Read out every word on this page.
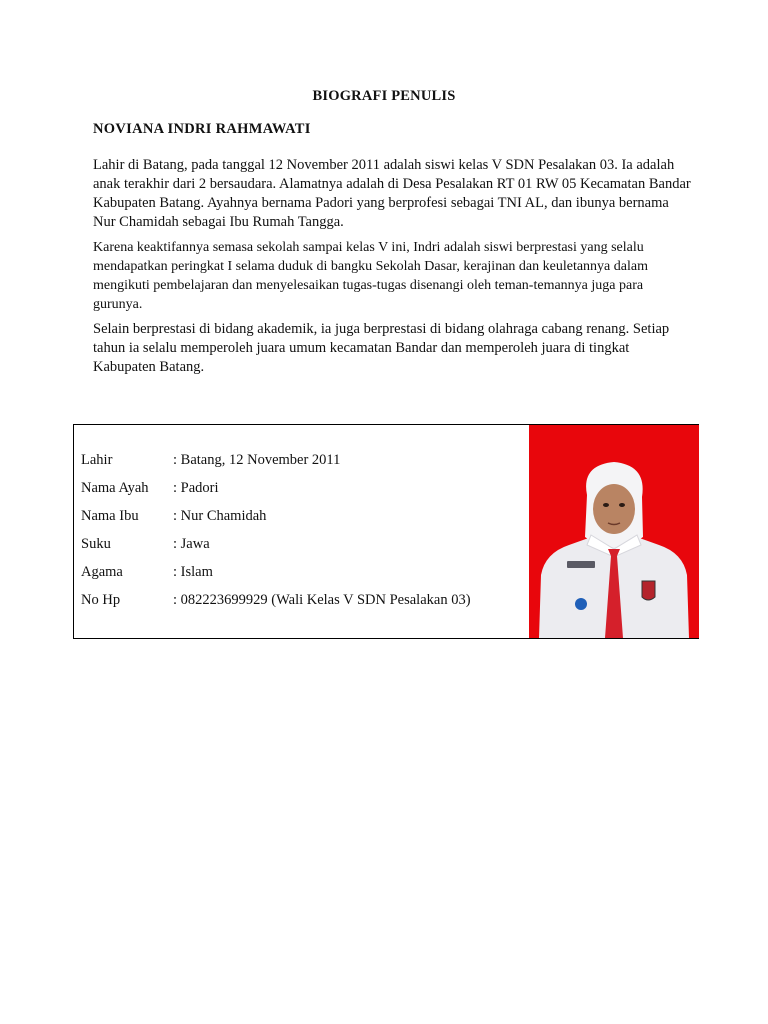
BIOGRAFI PENULIS
NOVIANA INDRI RAHMAWATI

Lahir di Batang, pada tanggal 12 November 2011 adalah siswi kelas V SDN Pesalakan 03. Ia adalah anak terakhir dari 2 bersaudara. Alamatnya adalah di Desa Pesalakan RT 01 RW 05 Kecamatan Bandar Kabupaten Batang. Ayahnya bernama Padori yang berprofesi sebagai TNI AL, dan ibunya bernama Nur Chamidah sebagai Ibu Rumah Tangga.

Karena keaktifannya semasa sekolah sampai kelas V ini, Indri adalah siswi berprestasi yang selalu mendapatkan peringkat I selama duduk di bangku Sekolah Dasar, kerajinan dan keuletannya dalam mengikuti pembelajaran dan menyelesaikan tugas-tugas disenangi oleh teman-temannya juga para gurunya.

Selain berprestasi di bidang akademik, ia juga berprestasi di bidang olahraga cabang renang. Setiap tahun ia selalu memperoleh juara umum kecamatan Bandar dan memperoleh juara di tingkat Kabupaten Batang.

Lahir	: Batang, 12 November 2011
Nama Ayah	: Padori
Nama Ibu	: Nur Chamidah
Suku	: Jawa
Agama	: Islam
No Hp	: 082223699929 (Wali Kelas V SDN Pesalakan 03)
